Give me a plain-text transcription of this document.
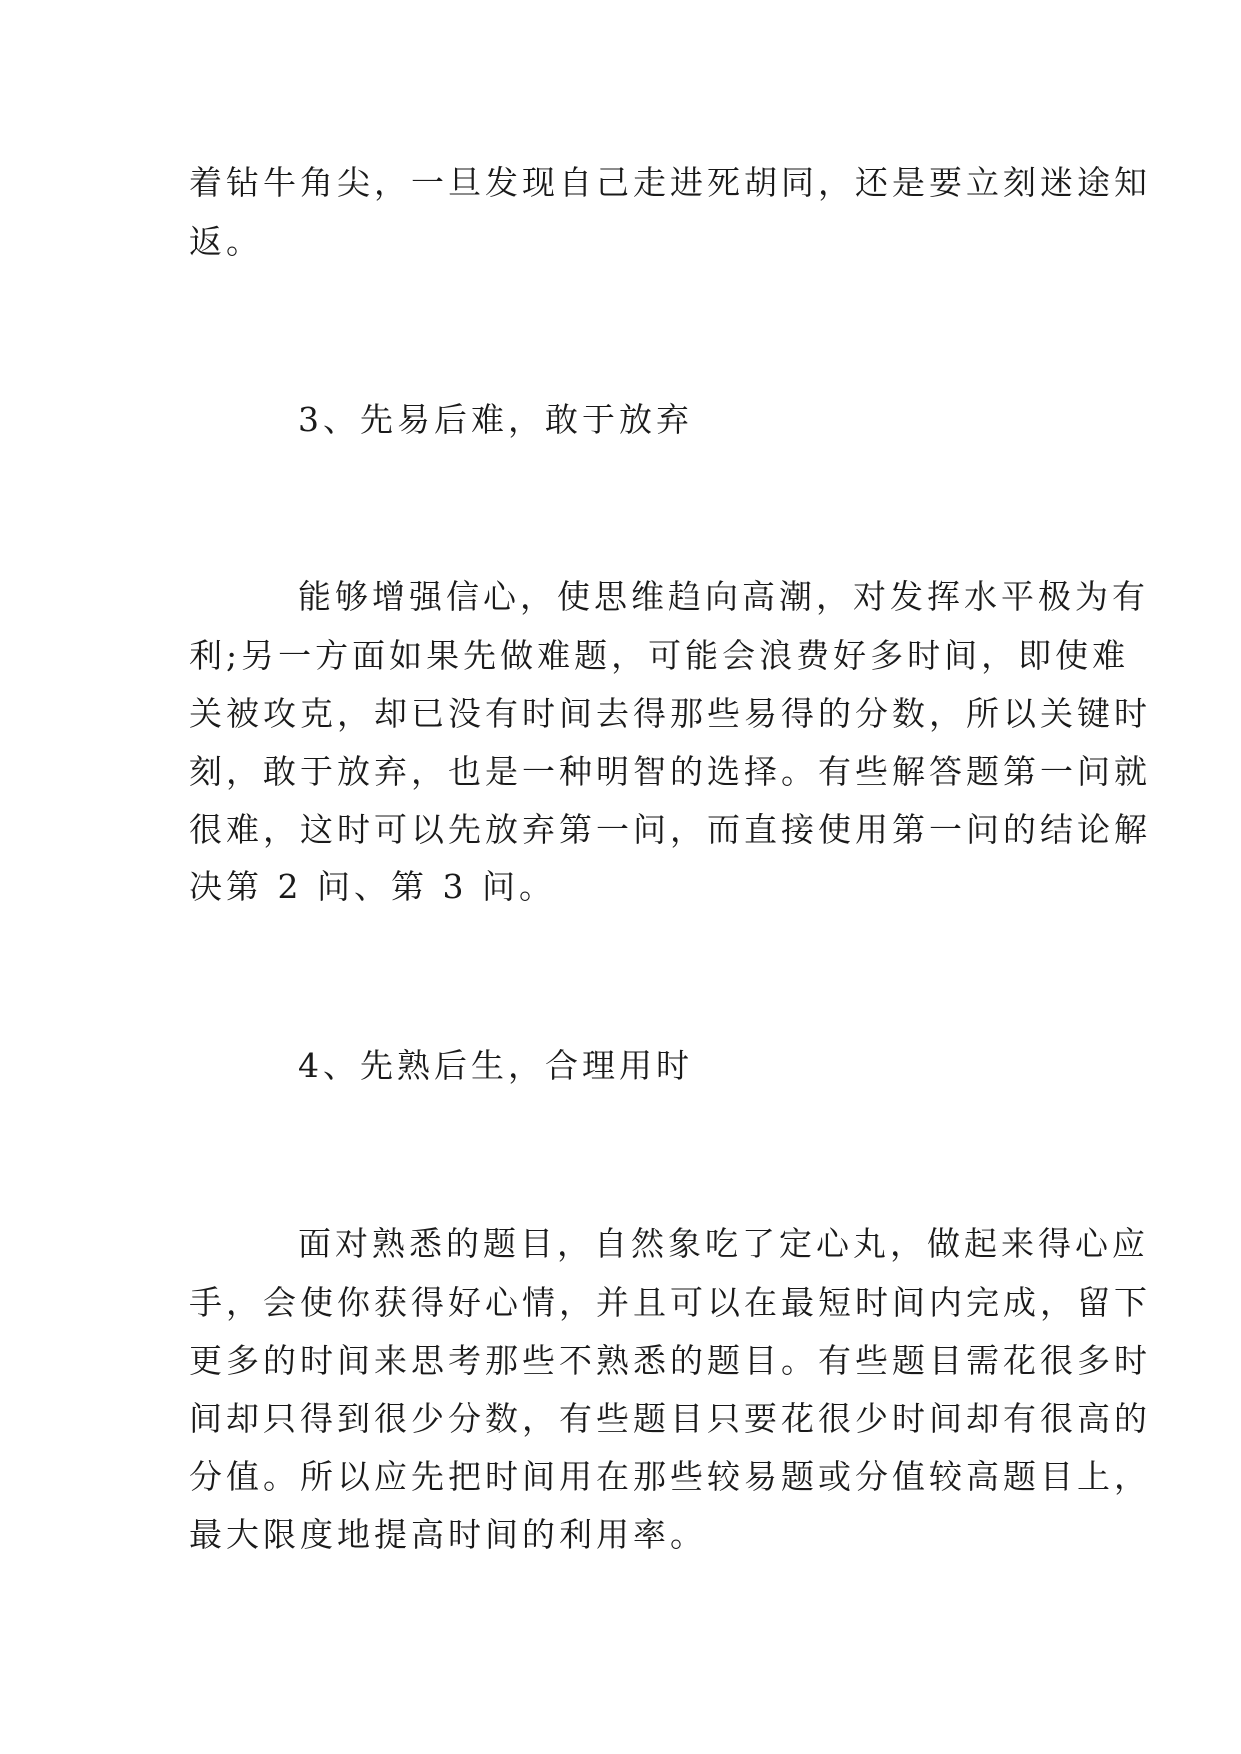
着钻牛角尖，一旦发现自己走进死胡同，还是要立刻迷途知
返。
3、先易后难，敢于放弃
能够增强信心，使思维趋向高潮，对发挥水平极为有
利;另一方面如果先做难题，可能会浪费好多时间，即使难
关被攻克，却已没有时间去得那些易得的分数，所以关键时
刻，敢于放弃，也是一种明智的选择。有些解答题第一问就
很难，这时可以先放弃第一问，而直接使用第一问的结论解
决第 2 问、第 3 问。
4、先熟后生，合理用时
面对熟悉的题目，自然象吃了定心丸，做起来得心应
手，会使你获得好心情，并且可以在最短时间内完成，留下
更多的时间来思考那些不熟悉的题目。有些题目需花很多时
间却只得到很少分数，有些题目只要花很少时间却有很高的
分值。所以应先把时间用在那些较易题或分值较高题目上，
最大限度地提高时间的利用率。
